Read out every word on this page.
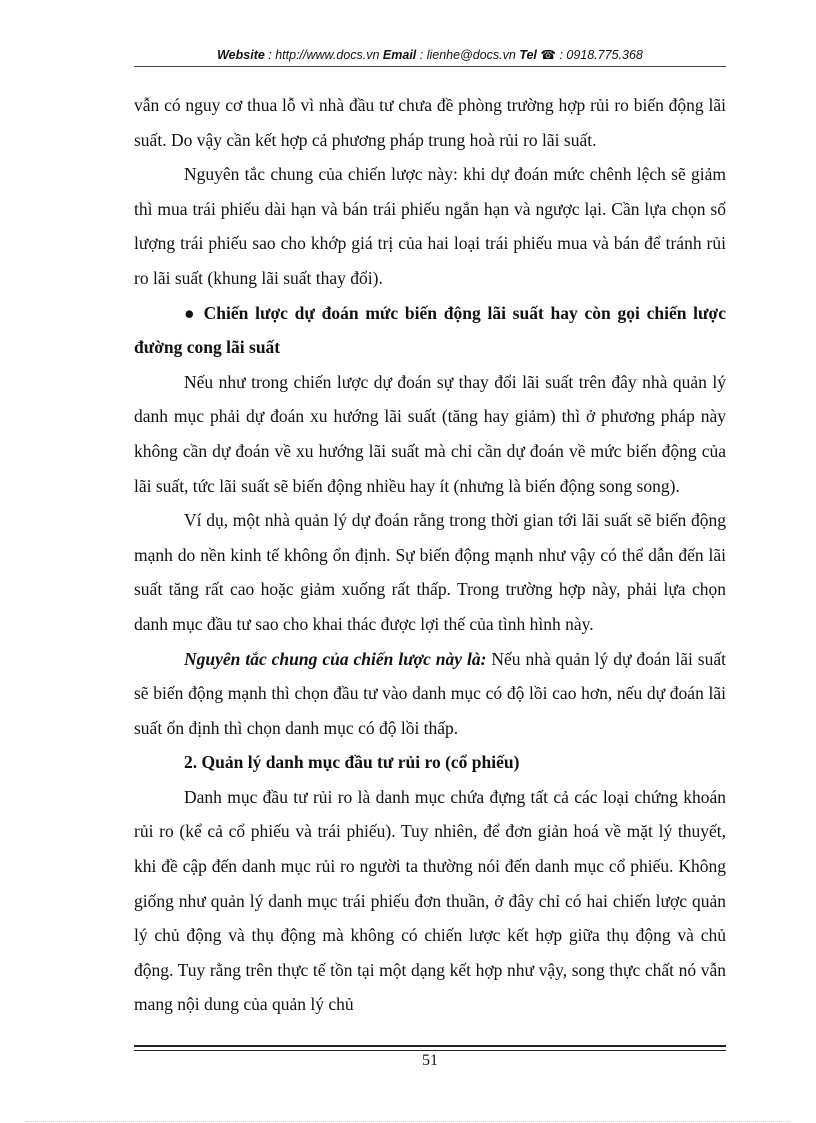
Website : http://www.docs.vn Email : lienhe@docs.vn Tel ☎ : 0918.775.368

vẫn có nguy cơ thua lỗ vì nhà đầu tư chưa đề phòng trường hợp rủi ro biến động lãi suất. Do vậy cần kết hợp cả phương pháp trung hoà rủi ro lãi suất.

Nguyên tắc chung của chiến lược này: khi dự đoán mức chênh lệch sẽ giảm thì mua trái phiếu dài hạn và bán trái phiếu ngắn hạn và ngược lại. Cần lựa chọn số lượng trái phiếu sao cho khớp giá trị của hai loại trái phiếu mua và bán để tránh rủi ro lãi suất (khung lãi suất thay đổi).

● Chiến lược dự đoán mức biến động lãi suất hay còn gọi chiến lược đường cong lãi suất

Nếu như trong chiến lược dự đoán sự thay đổi lãi suất trên đây nhà quản lý danh mục phải dự đoán xu hướng lãi suất (tăng hay giảm) thì ở phương pháp này không cần dự đoán về xu hướng lãi suất mà chỉ cần dự đoán về mức biến động của lãi suất, tức lãi suất sẽ biến động nhiều hay ít (nhưng là biến động song song).

Ví dụ, một nhà quản lý dự đoán rằng trong thời gian tới lãi suất sẽ biến động mạnh do nền kinh tế không ổn định. Sự biến động mạnh như vậy có thể dẫn đến lãi suất tăng rất cao hoặc giảm xuống rất thấp. Trong trường hợp này, phải lựa chọn danh mục đầu tư sao cho khai thác được lợi thế của tình hình này.

Nguyên tắc chung của chiến lược này là: Nếu nhà quản lý dự đoán lãi suất sẽ biến động mạnh thì chọn đầu tư vào danh mục có độ lồi cao hơn, nếu dự đoán lãi suất ổn định thì chọn danh mục có độ lồi thấp.

2. Quản lý danh mục đầu tư rủi ro (cổ phiếu)

Danh mục đầu tư rủi ro là danh mục chứa đựng tất cả các loại chứng khoán rủi ro (kể cả cổ phiếu và trái phiếu). Tuy nhiên, để đơn giản hoá về mặt lý thuyết, khi đề cập đến danh mục rủi ro người ta thường nói đến danh mục cổ phiếu. Không giống như quản lý danh mục trái phiếu đơn thuần, ở đây chỉ có hai chiến lược quản lý chủ động và thụ động mà không có chiến lược kết hợp giữa thụ động và chủ động. Tuy rằng trên thực tế tồn tại một dạng kết hợp như vậy, song thực chất nó vẫn mang nội dung của quản lý chủ

51
